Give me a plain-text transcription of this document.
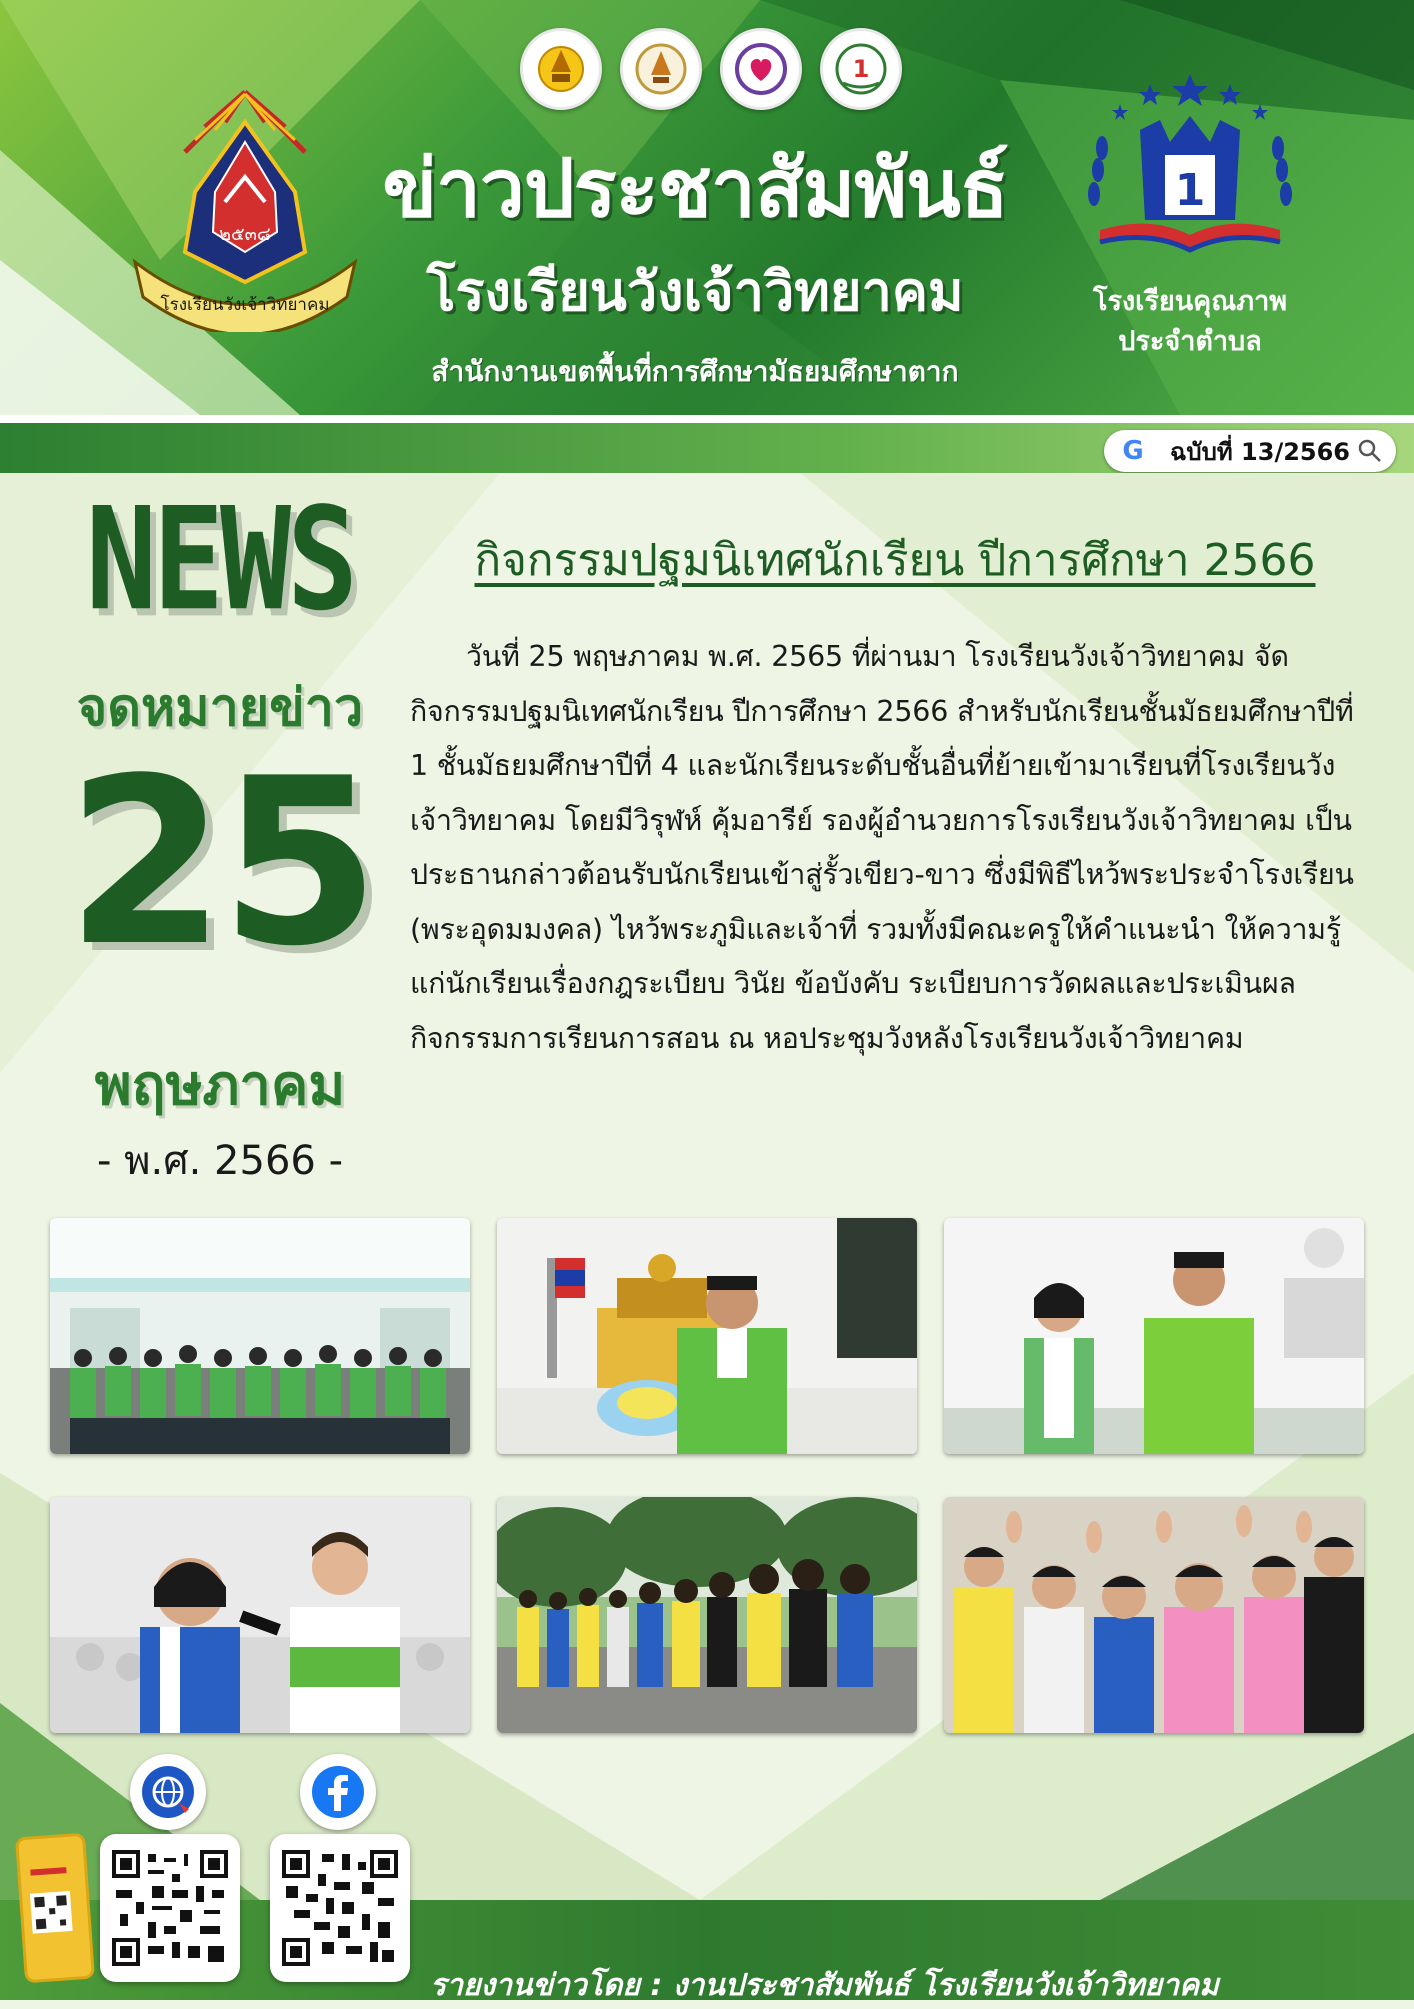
๒๕๓๘
โรงเรียนวังเจ้าวิทยาคม
1
ข่าวประชาสัมพันธ์
โรงเรียนวังเจ้าวิทยาคม
สำนักงานเขตพื้นที่การศึกษามัธยมศึกษาตาก
1
โรงเรียนคุณภาพ
ประจำตำบล
G	ฉบับที่ 13/2566
NEWS
จดหมายข่าว
25
พฤษภาคม
- พ.ศ. 2566 -
กิจกรรมปฐมนิเทศนักเรียน ปีการศึกษา 2566
วันที่ 25 พฤษภาคม พ.ศ. 2565 ที่ผ่านมา โรงเรียนวังเจ้าวิทยาคม จัดกิจกรรมปฐมนิเทศนักเรียน ปีการศึกษา 2566 สำหรับนักเรียนชั้นมัธยมศึกษาปีที่ 1 ชั้นมัธยมศึกษาปีที่ 4 และนักเรียนระดับชั้นอื่นที่ย้ายเข้ามาเรียนที่โรงเรียนวังเจ้าวิทยาคม โดยมีวิรุฬห์ คุ้มอารีย์ รองผู้อำนวยการโรงเรียนวังเจ้าวิทยาคม เป็นประธานกล่าวต้อนรับนักเรียนเข้าสู่รั้วเขียว-ขาว ซึ่งมีพิธีไหว้พระประจำโรงเรียน (พระอุดมมงคล) ไหว้พระภูมิและเจ้าที่ รวมทั้งมีคณะครูให้คำแนะนำ ให้ความรู้แก่นักเรียนเรื่องกฎระเบียบ วินัย ข้อบังคับ ระเบียบการวัดผลและประเมินผล กิจกรรมการเรียนการสอน ณ หอประชุมวังหลังโรงเรียนวังเจ้าวิทยาคม
รายงานข่าวโดย : งานประชาสัมพันธ์ โรงเรียนวังเจ้าวิทยาคม
